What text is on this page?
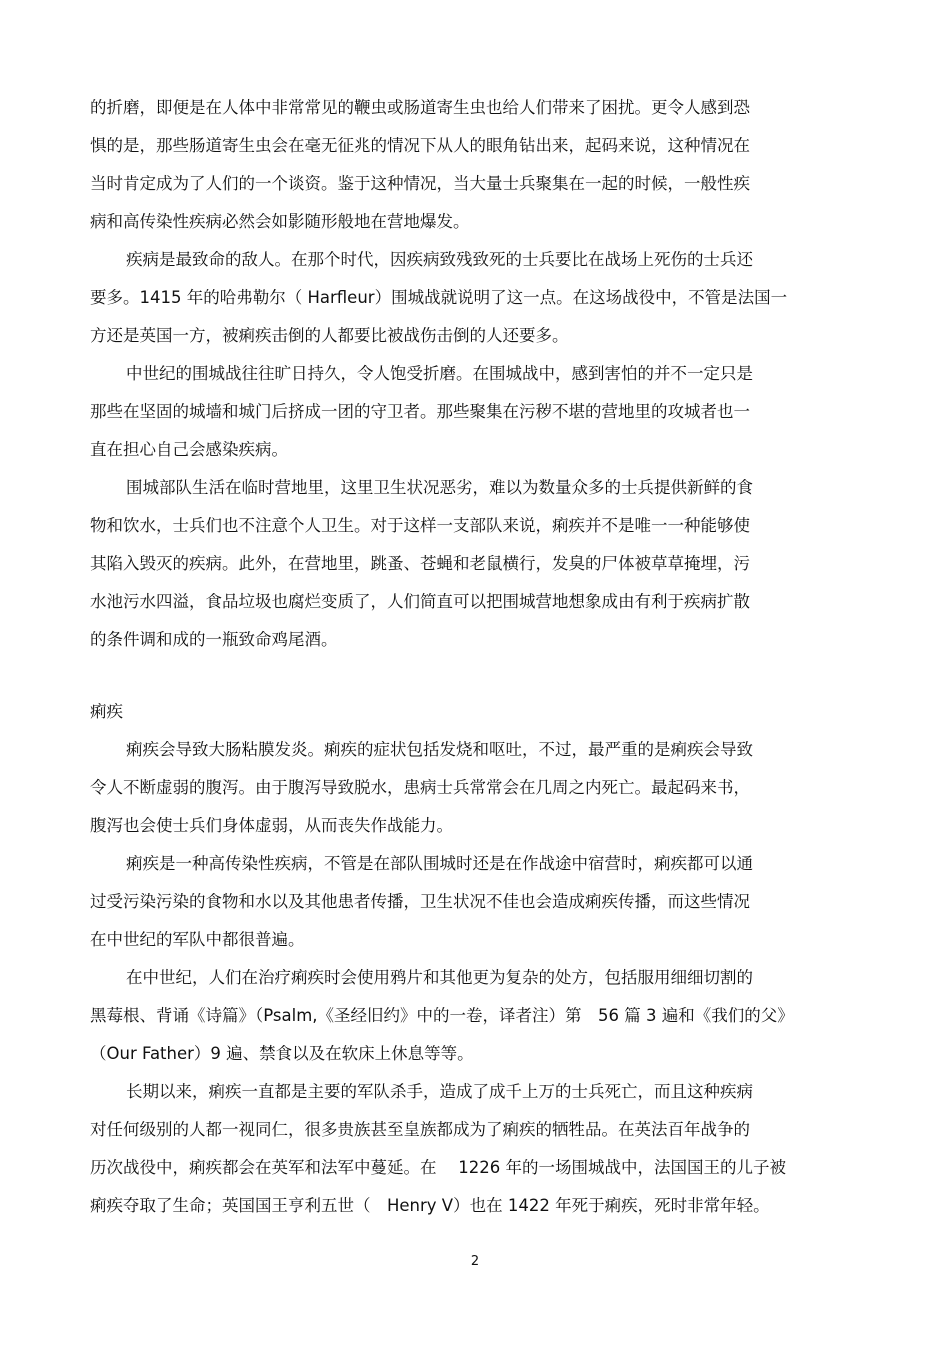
的折磨，即便是在人体中非常常见的鞭虫或肠道寄生虫也给人们带来了困扰。更令人感到恐

惧的是，那些肠道寄生虫会在毫无征兆的情况下从人的眼角钻出来，起码来说，这种情况在

当时肯定成为了人们的一个谈资。鉴于这种情况，当大量士兵聚集在一起的时候，一般性疾

病和高传染性疾病必然会如影随形般地在营地爆发。

疾病是最致命的敌人。在那个时代，因疾病致残致死的士兵要比在战场上死伤的士兵还

要多。1415 年的哈弗勒尔（ Harfleur）围城战就说明了这一点。在这场战役中，不管是法国一

方还是英国一方，被痢疾击倒的人都要比被战伤击倒的人还要多。

中世纪的围城战往往旷日持久，令人饱受折磨。在围城战中，感到害怕的并不一定只是

那些在坚固的城墙和城门后挤成一团的守卫者。那些聚集在污秽不堪的营地里的攻城者也一

直在担心自己会感染疾病。

围城部队生活在临时营地里，这里卫生状况恶劣，难以为数量众多的士兵提供新鲜的食

物和饮水，士兵们也不注意个人卫生。对于这样一支部队来说，痢疾并不是唯一一种能够使

其陷入毁灭的疾病。此外，在营地里，跳蚤、苍蝇和老鼠横行，发臭的尸体被草草掩埋，污

水池污水四溢，食品垃圾也腐烂变质了，人们简直可以把围城营地想象成由有利于疾病扩散

的条件调和成的一瓶致命鸡尾酒。

痢疾

痢疾会导致大肠粘膜发炎。痢疾的症状包括发烧和呕吐，不过，最严重的是痢疾会导致

令人不断虚弱的腹泻。由于腹泻导致脱水，患病士兵常常会在几周之内死亡。最起码来书，

腹泻也会使士兵们身体虚弱，从而丧失作战能力。

痢疾是一种高传染性疾病，不管是在部队围城时还是在作战途中宿营时，痢疾都可以通

过受污染污染的食物和水以及其他患者传播，卫生状况不佳也会造成痢疾传播，而这些情况

在中世纪的军队中都很普遍。

在中世纪，人们在治疗痢疾时会使用鸦片和其他更为复杂的处方，包括服用细细切割的

黑莓根、背诵《诗篇》（Psalm,《圣经旧约》中的一卷，译者注）第　56 篇 3 遍和《我们的父》

（Our Father）9 遍、禁食以及在软床上休息等等。

长期以来，痢疾一直都是主要的军队杀手，造成了成千上万的士兵死亡，而且这种疾病

对任何级别的人都一视同仁，很多贵族甚至皇族都成为了痢疾的牺牲品。在英法百年战争的

历次战役中，痢疾都会在英军和法军中蔓延。在　 1226 年的一场围城战中，法国国王的儿子被

痢疾夺取了生命；英国国王亨利五世（　Henry V）也在 1422 年死于痢疾，死时非常年轻。

2
